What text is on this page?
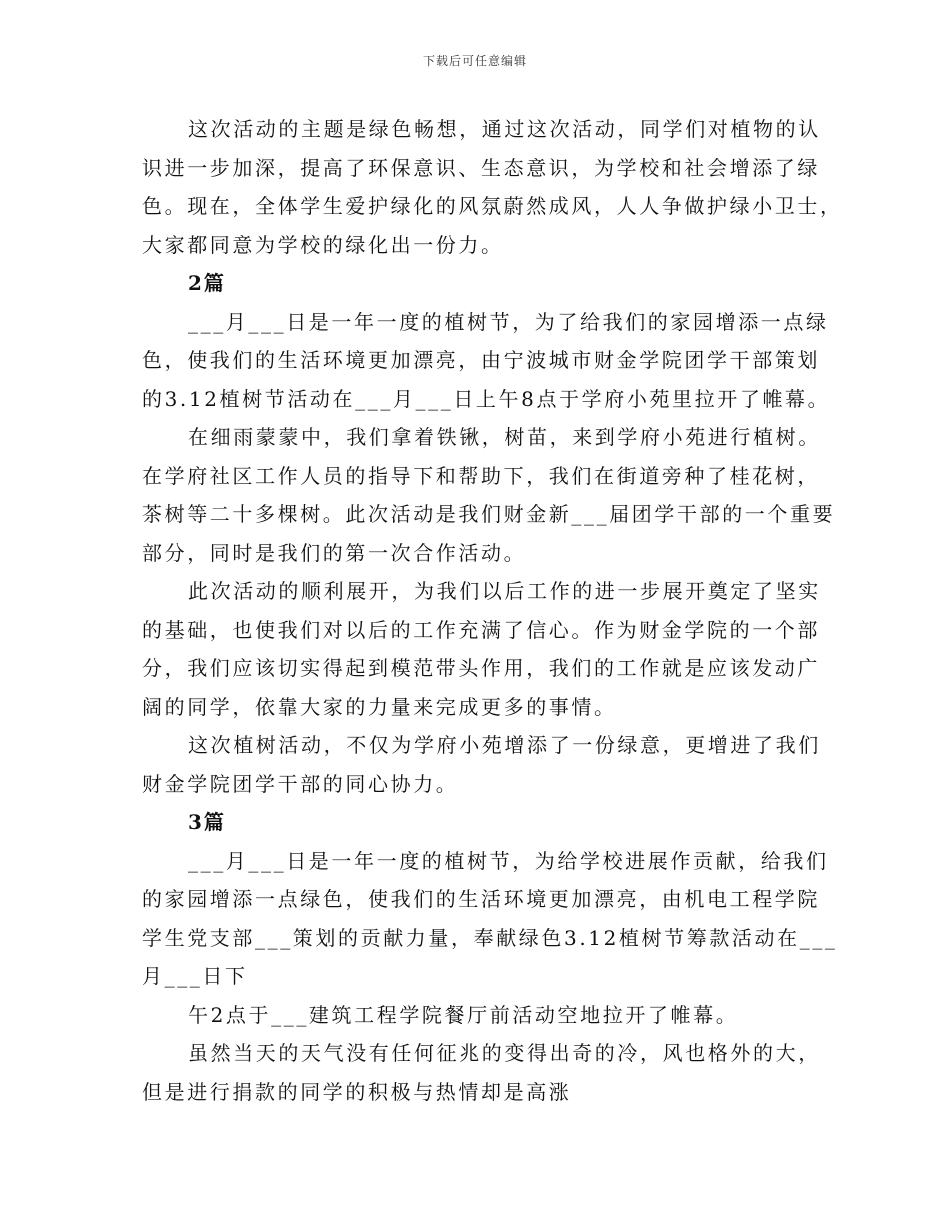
下载后可任意编辑
这次活动的主题是绿色畅想，通过这次活动，同学们对植物的认
识进一步加深，提高了环保意识、生态意识，为学校和社会增添了绿
色。现在，全体学生爱护绿化的风氛蔚然成风，人人争做护绿小卫士，
大家都同意为学校的绿化出一份力。
2篇
___月___日是一年一度的植树节，为了给我们的家园增添一点绿
色，使我们的生活环境更加漂亮，由宁波城市财金学院团学干部策划
的3.12植树节活动在___月___日上午8点于学府小苑里拉开了帷幕。
在细雨蒙蒙中，我们拿着铁锹，树苗，来到学府小苑进行植树。
在学府社区工作人员的指导下和帮助下，我们在街道旁种了桂花树，
茶树等二十多棵树。此次活动是我们财金新___届团学干部的一个重要
部分，同时是我们的第一次合作活动。
此次活动的顺利展开，为我们以后工作的进一步展开奠定了坚实
的基础，也使我们对以后的工作充满了信心。作为财金学院的一个部
分，我们应该切实得起到模范带头作用，我们的工作就是应该发动广
阔的同学，依靠大家的力量来完成更多的事情。
这次植树活动，不仅为学府小苑增添了一份绿意，更增进了我们
财金学院团学干部的同心协力。
3篇
___月___日是一年一度的植树节，为给学校进展作贡献，给我们
的家园增添一点绿色，使我们的生活环境更加漂亮，由机电工程学院
学生党支部___策划的贡献力量，奉献绿色3.12植树节筹款活动在___
月___日下
午2点于___建筑工程学院餐厅前活动空地拉开了帷幕。
虽然当天的天气没有任何征兆的变得出奇的冷，风也格外的大，
但是进行捐款的同学的积极与热情却是高涨
